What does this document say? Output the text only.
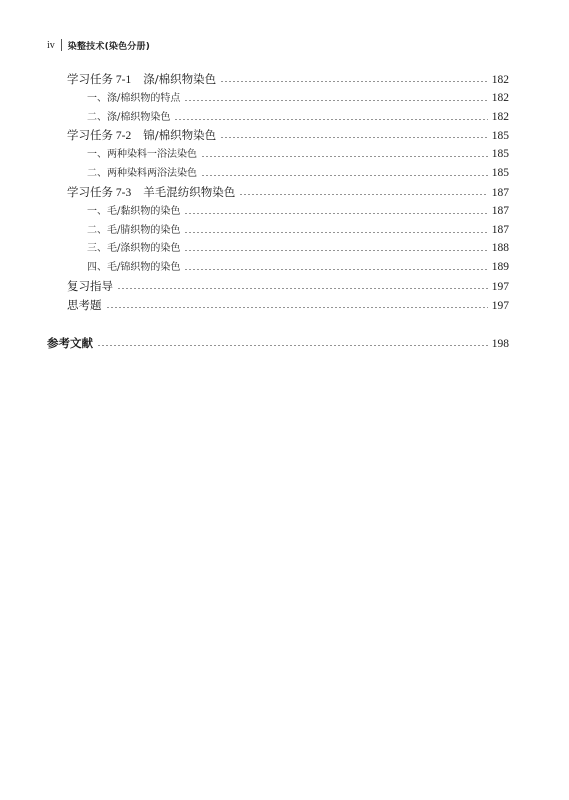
iv 染整技术(染色分册)
学习任务 7-1 涤/棉织物染色	182
一、涤/棉织物的特点	182
二、涤/棉织物染色	182
学习任务 7-2 锦/棉织物染色	185
一、两种染料一浴法染色	185
二、两种染料两浴法染色	185
学习任务 7-3 羊毛混纺织物染色	187
一、毛/黏织物的染色	187
二、毛/腈织物的染色	187
三、毛/涤织物的染色	188
四、毛/锦织物的染色	189
复习指导	197
思考题	197
参考文献	198
